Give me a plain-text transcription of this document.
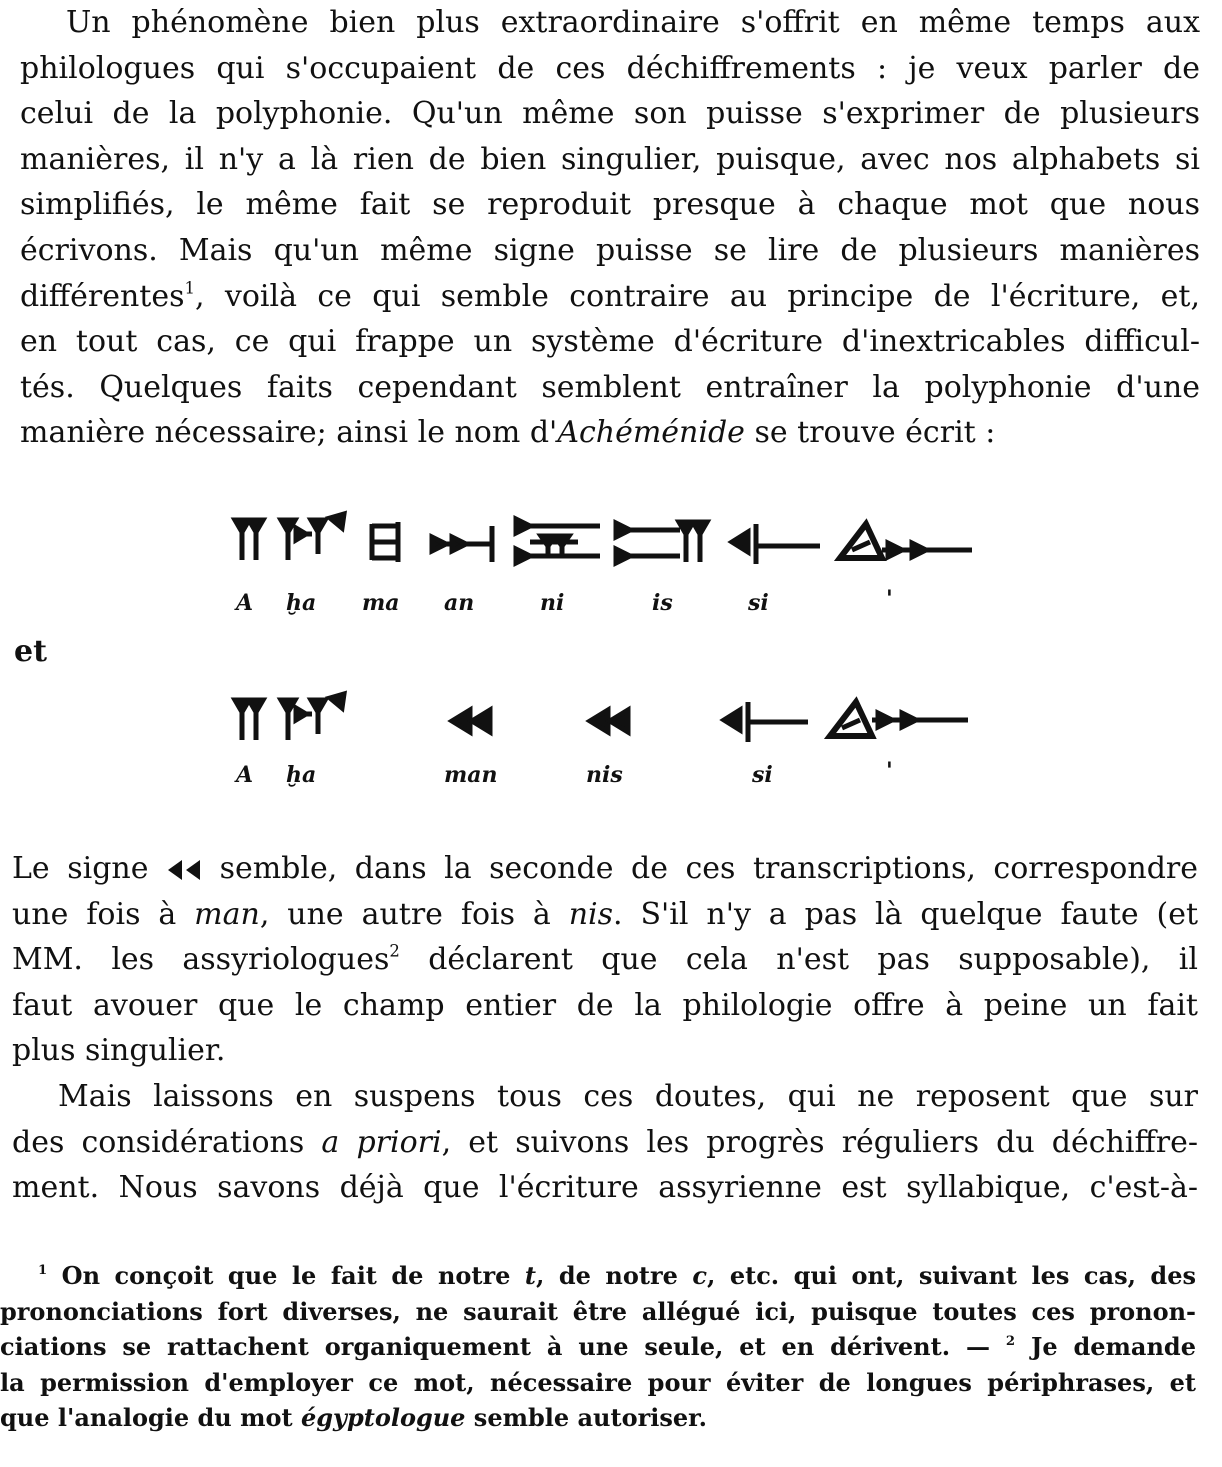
Un phénomène bien plus extraordinaire s'offrit en même temps aux
philologues qui s'occupaient de ces déchiffrements : je veux parler de
celui de la polyphonie. Qu'un même son puisse s'exprimer de plusieurs
manières, il n'y a là rien de bien singulier, puisque, avec nos alphabets si
simplifiés, le même fait se reproduit presque à chaque mot que nous
écrivons. Mais qu'un même signe puisse se lire de plusieurs manières
différentes$^1$, voilà ce qui semble contraire au principe de l'écriture, et,
en tout cas, ce qui frappe un système d'écriture d'inextricables difficul-
tés. Quelques faits cependant semblent entraîner la polyphonie d'une
manière nécessaire; ainsi le nom d'Achéménide se trouve écrit :
A ḫa ma an	ni	is	si	'
et
A ḫa	man	nis	si	'
Le signe  semble, dans la seconde de ces transcriptions, correspondre
une fois à man, une autre fois à nis. S'il n'y a pas là quelque faute (et
MM. les assyriologues$^2$ déclarent que cela n'est pas supposable), il
faut avouer que le champ entier de la philologie offre à peine un fait
plus singulier.
Mais laissons en suspens tous ces doutes, qui ne reposent que sur
des considérations a priori, et suivons les progrès réguliers du déchiffre-
ment. Nous savons déjà que l'écriture assyrienne est syllabique, c'est-à-
$^1$ On conçoit que le fait de notre t, de notre c, etc. qui ont, suivant les cas, des
prononciations fort diverses, ne saurait être allégué ici, puisque toutes ces pronon-
ciations se rattachent organiquement à une seule, et en dérivent. — $^2$ Je demande
la permission d'employer ce mot, nécessaire pour éviter de longues périphrases, et
que l'analogie du mot égyptologue semble autoriser.
